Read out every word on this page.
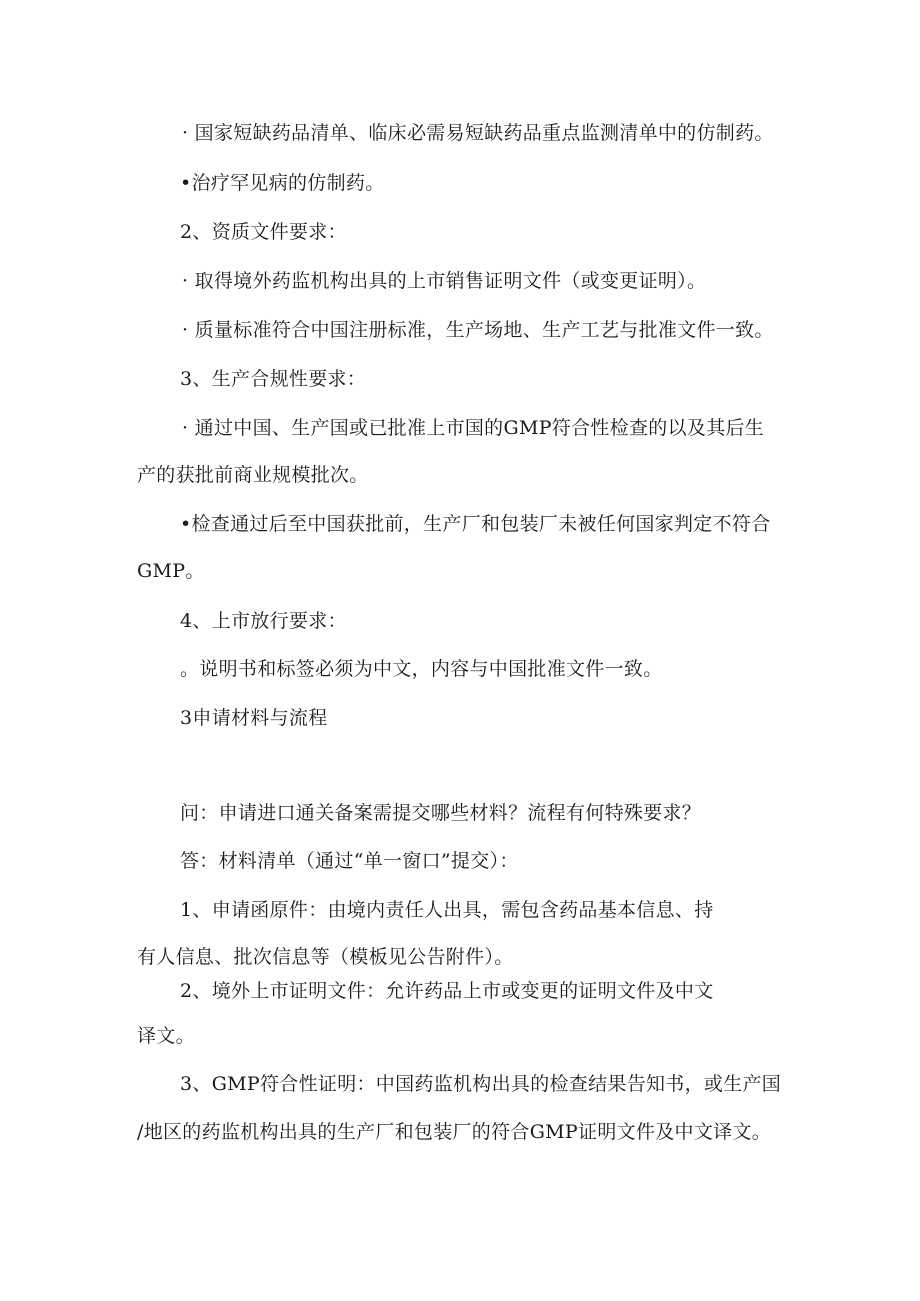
· 国家短缺药品清单、临床必需易短缺药品重点监测清单中的仿制药。
•治疗罕见病的仿制药。
2、资质文件要求：
· 取得境外药监机构出具的上市销售证明文件（或变更证明）。
· 质量标准符合中国注册标准，生产场地、生产工艺与批准文件一致。
3、生产合规性要求：
· 通过中国、生产国或已批准上市国的GMP符合性检查的以及其后生
产的获批前商业规模批次。
•检查通过后至中国获批前，生产厂和包装厂未被任何国家判定不符合
GMP。
4、上市放行要求：
。说明书和标签必须为中文，内容与中国批准文件一致。
3申请材料与流程
问：申请进口通关备案需提交哪些材料？流程有何特殊要求？
答：材料清单（通过“单一窗口”提交）：
1、申请函原件：由境内责任人出具，需包含药品基本信息、持
有人信息、批次信息等（模板见公告附件）。
2、境外上市证明文件：允许药品上市或变更的证明文件及中文
译文。
3、GMP符合性证明：中国药监机构出具的检查结果告知书，或生产国
/地区的药监机构出具的生产厂和包装厂的符合GMP证明文件及中文译文。
